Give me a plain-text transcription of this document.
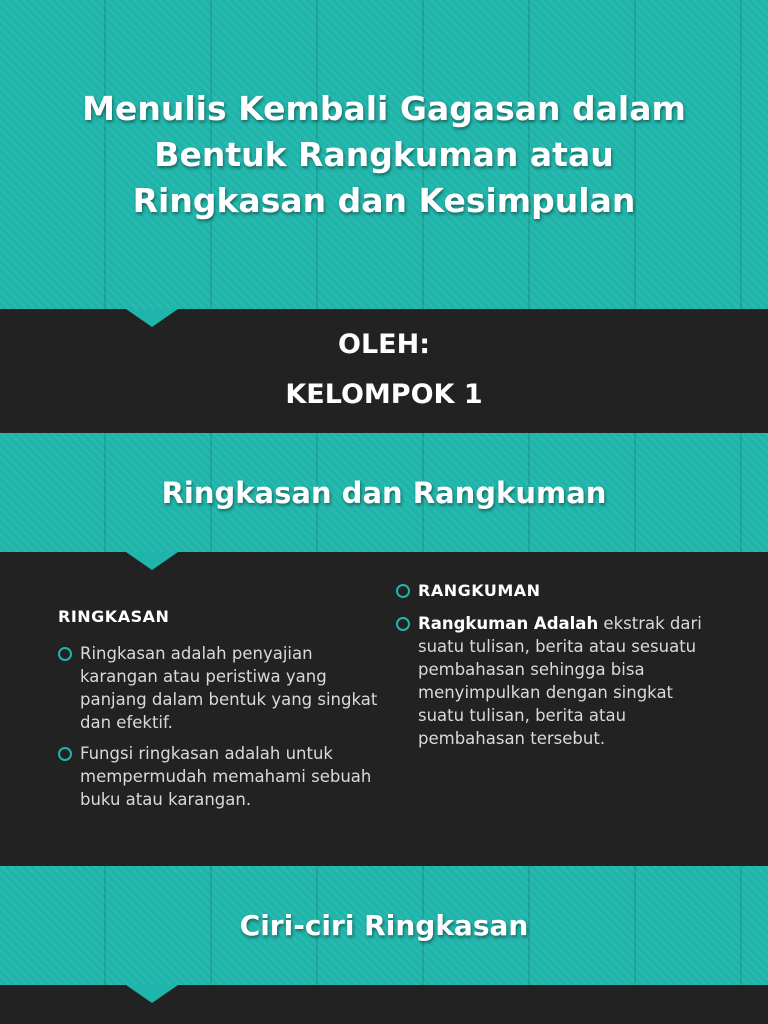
Menulis Kembali Gagasan dalam
Bentuk Rangkuman atau
Ringkasan dan Kesimpulan
OLEH:
KELOMPOK 1
Ringkasan dan Rangkuman
RINGKASAN
Ringkasan adalah penyajian karangan atau peristiwa yang panjang dalam bentuk yang singkat dan efektif.
Fungsi ringkasan adalah untuk mempermudah memahami sebuah buku atau karangan.
RANGKUMAN
Rangkuman Adalah ekstrak dari suatu tulisan, berita atau sesuatu pembahasan sehingga bisa menyimpulkan dengan singkat suatu tulisan, berita atau pembahasan tersebut.
Ciri-ciri Ringkasan
